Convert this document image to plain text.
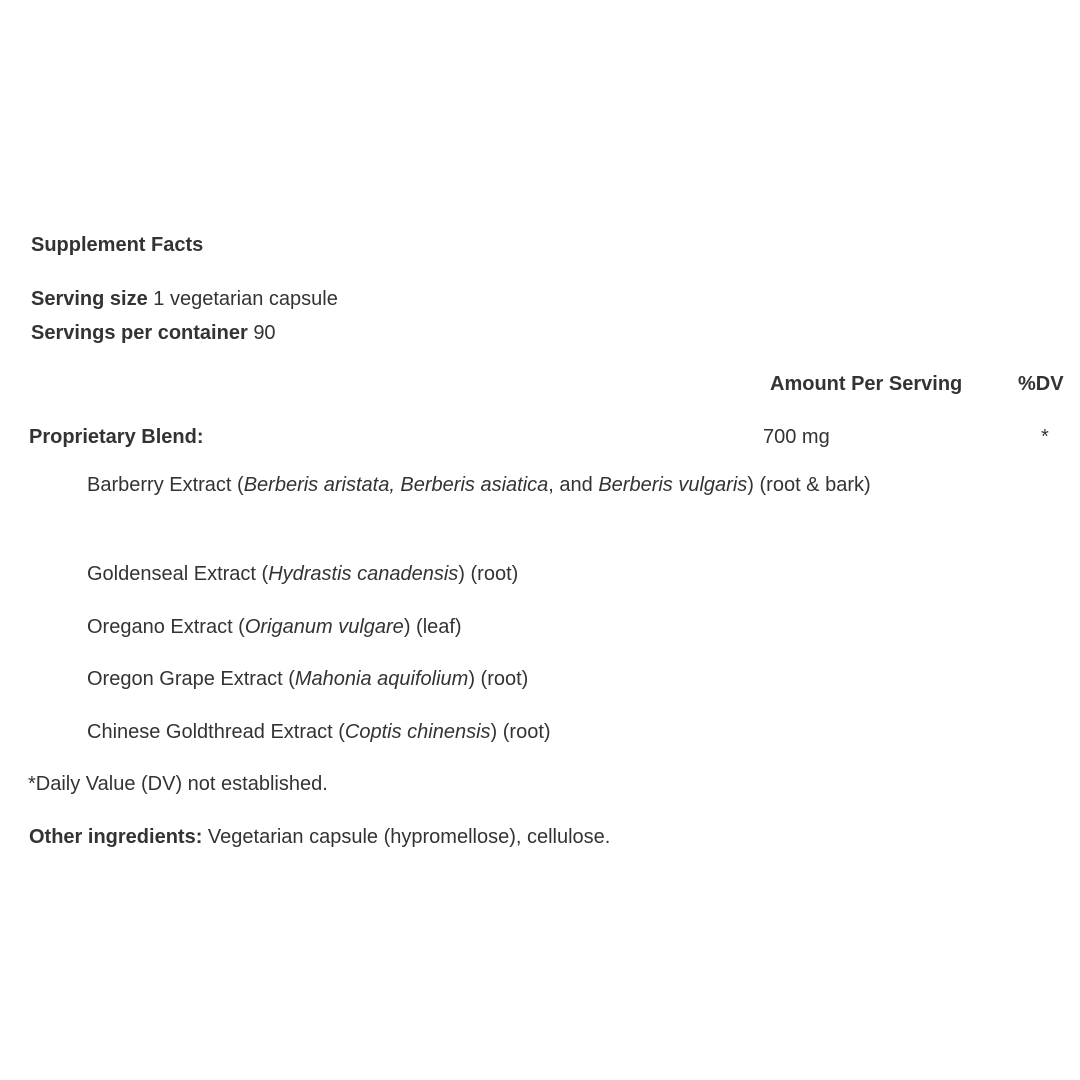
Supplement Facts
Serving size 1 vegetarian capsule
Servings per container 90
Amount Per Serving	%DV
Proprietary Blend:	700 mg	*
Barberry Extract (Berberis aristata, Berberis asiatica, and Berberis vulgaris) (root & bark)
Goldenseal Extract (Hydrastis canadensis) (root)
Oregano Extract (Origanum vulgare) (leaf)
Oregon Grape Extract (Mahonia aquifolium) (root)
Chinese Goldthread Extract (Coptis chinensis) (root)
*Daily Value (DV) not established.
Other ingredients: Vegetarian capsule (hypromellose), cellulose.
